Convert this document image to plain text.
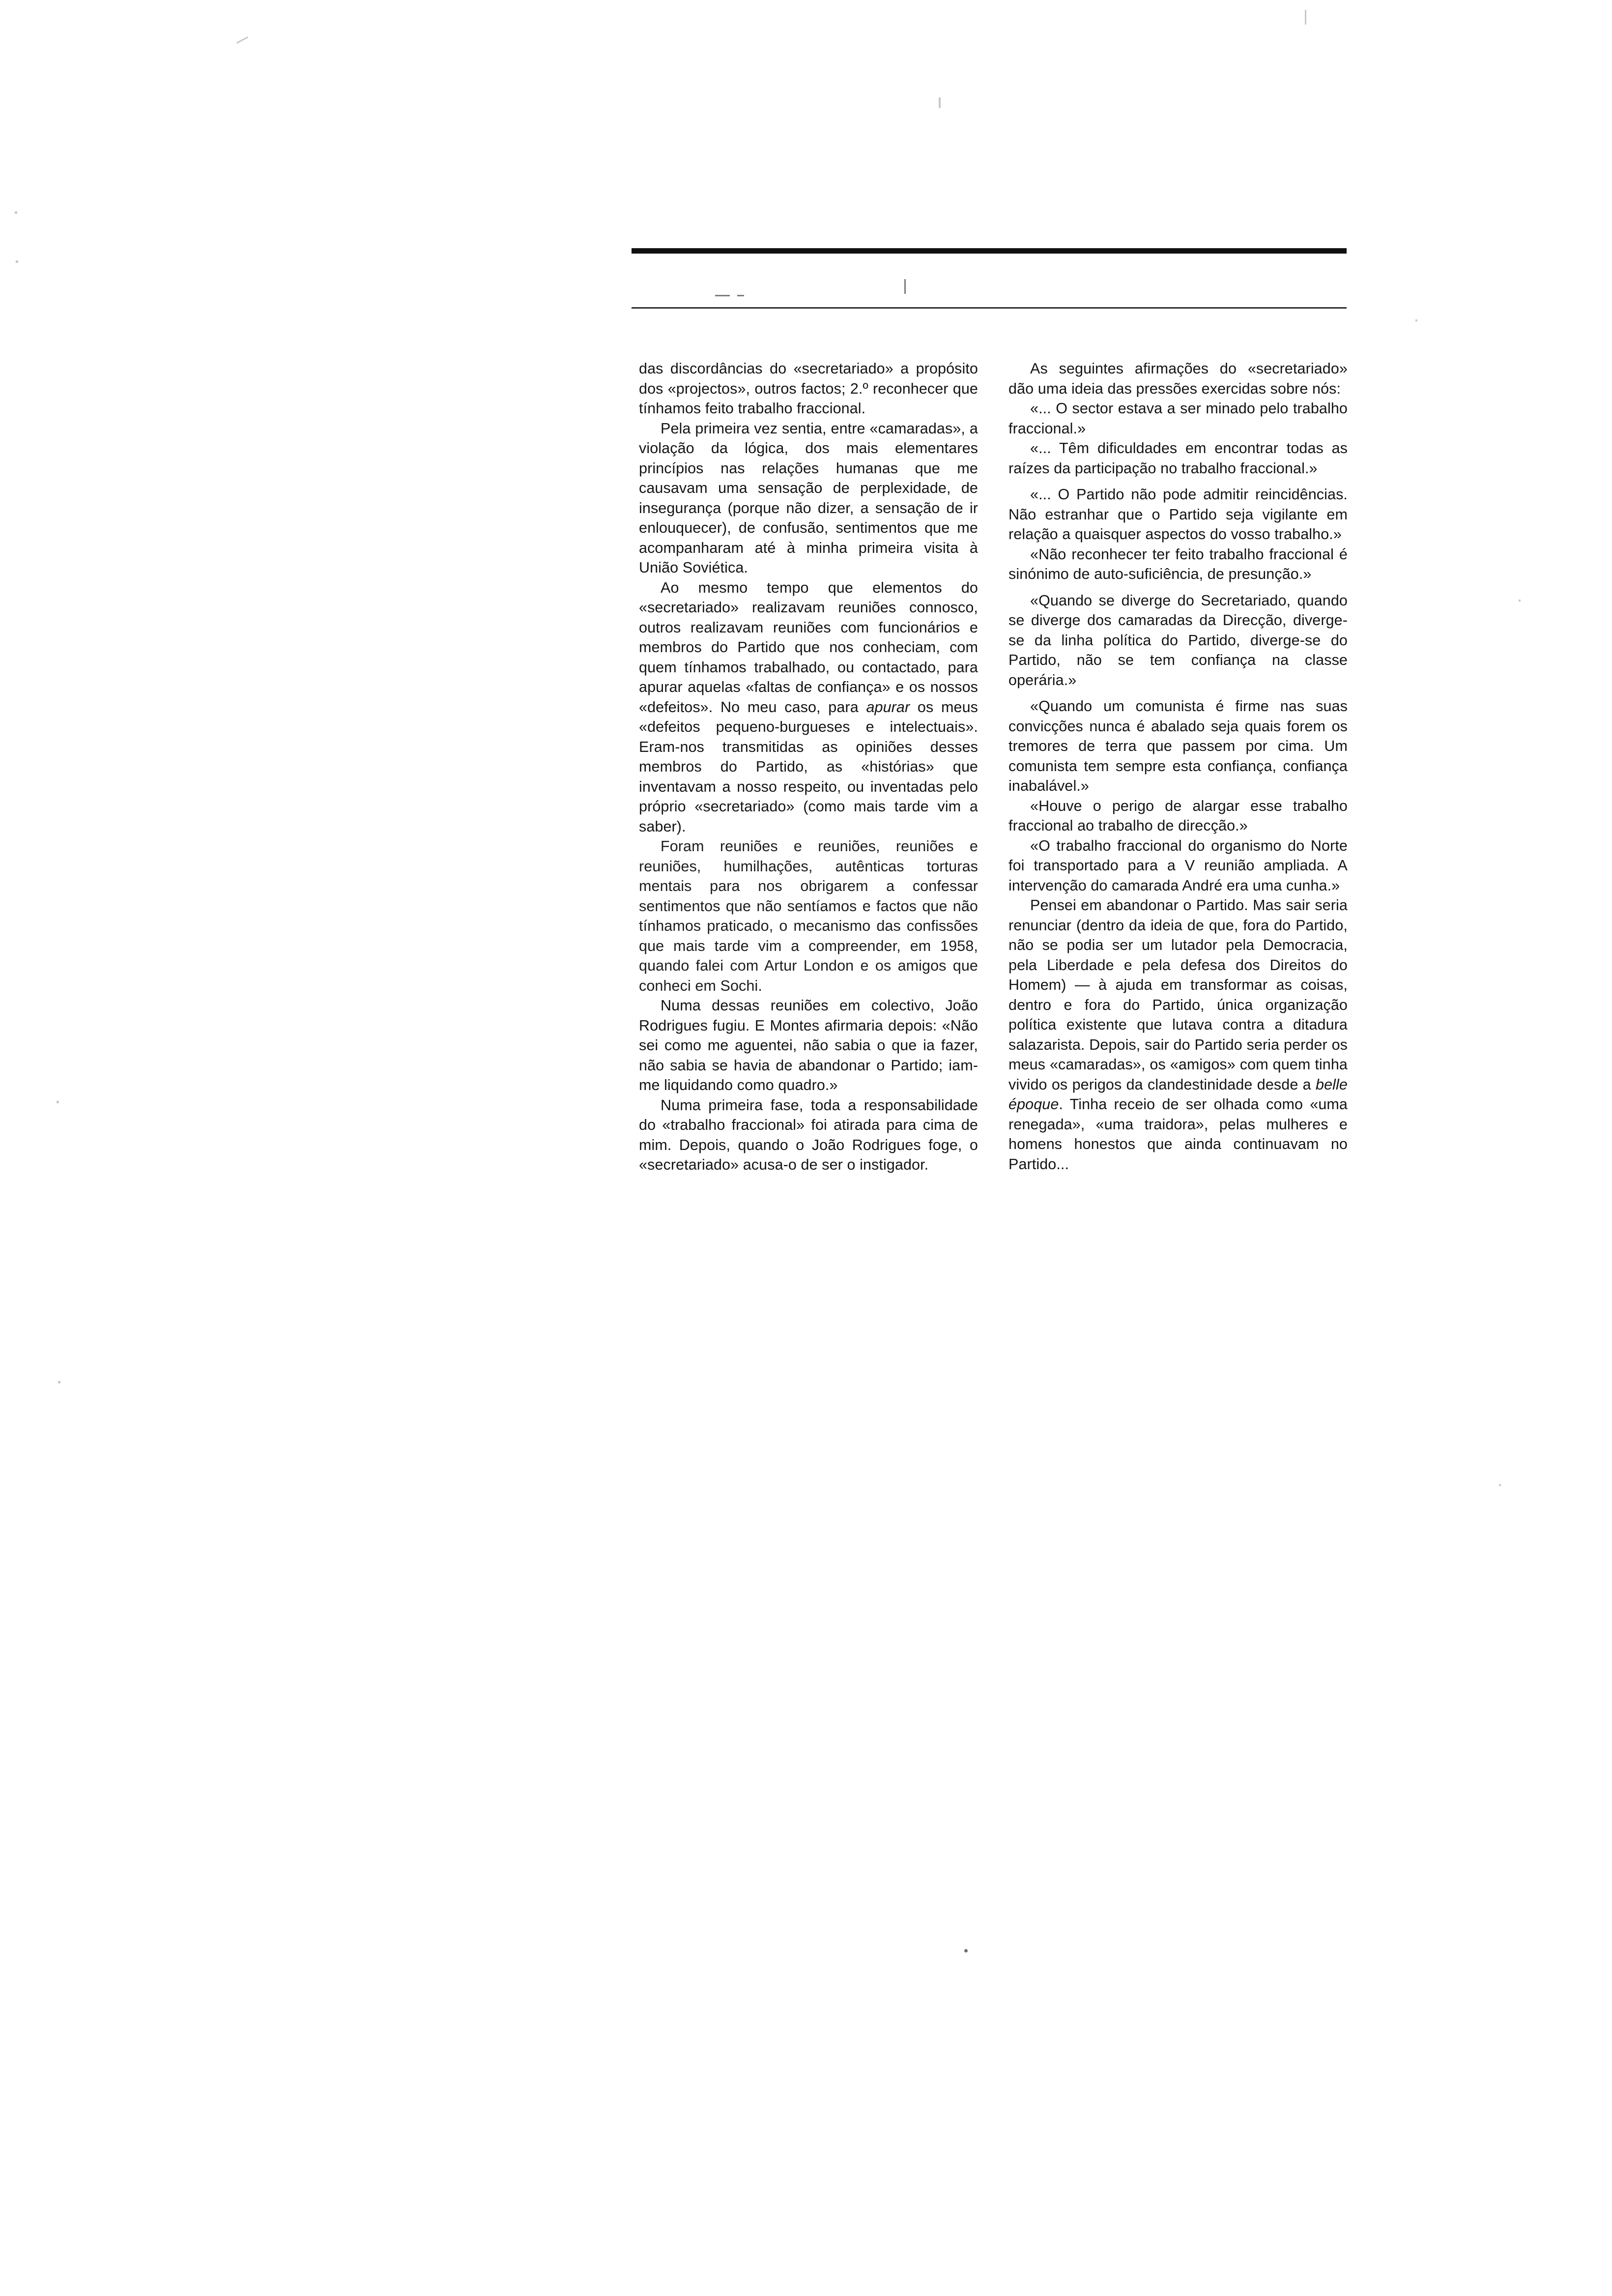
das discordâncias do «secretariado» a propósito dos «projectos», outros factos; 2.º reconhecer que tínhamos feito trabalho fraccional.

Pela primeira vez sentia, entre «camaradas», a violação da lógica, dos mais elementares princípios nas relações humanas que me causavam uma sensação de perplexidade, de insegurança (porque não dizer, a sensação de ir enlouquecer), de confusão, sentimentos que me acompanharam até à minha primeira visita à União Soviética.

Ao mesmo tempo que elementos do «secretariado» realizavam reuniões connosco, outros realizavam reuniões com funcionários e membros do Partido que nos conheciam, com quem tínhamos trabalhado, ou contactado, para apurar aquelas «faltas de confiança» e os nossos «defeitos». No meu caso, para apurar os meus «defeitos pequeno-burgueses e intelectuais». Eram-nos transmitidas as opiniões desses membros do Partido, as «histórias» que inventavam a nosso respeito, ou inventadas pelo próprio «secretariado» (como mais tarde vim a saber).

Foram reuniões e reuniões, reuniões e reuniões, humilhações, autênticas torturas mentais para nos obrigarem a confessar sentimentos que não sentíamos e factos que não tínhamos praticado, o mecanismo das confissões que mais tarde vim a compreender, em 1958, quando falei com Artur London e os amigos que conheci em Sochi.

Numa dessas reuniões em colectivo, João Rodrigues fugiu. E Montes afirmaria depois: «Não sei como me aguentei, não sabia o que ia fazer, não sabia se havia de abandonar o Partido; iam-me liquidando como quadro.»

Numa primeira fase, toda a responsabilidade do «trabalho fraccional» foi atirada para cima de mim. Depois, quando o João Rodrigues foge, o «secretariado» acusa-o de ser o instigador.

As seguintes afirmações do «secretariado» dão uma ideia das pressões exercidas sobre nós:

«... O sector estava a ser minado pelo trabalho fraccional.»

«... Têm dificuldades em encontrar todas as raízes da participação no trabalho fraccional.»

«... O Partido não pode admitir reincidências. Não estranhar que o Partido seja vigilante em relação a quaisquer aspectos do vosso trabalho.»

«Não reconhecer ter feito trabalho fraccional é sinónimo de auto-suficiência, de presunção.»

«Quando se diverge do Secretariado, quando se diverge dos camaradas da Direcção, diverge-se da linha política do Partido, diverge-se do Partido, não se tem confiança na classe operária.»

«Quando um comunista é firme nas suas convicções nunca é abalado seja quais forem os tremores de terra que passem por cima. Um comunista tem sempre esta confiança, confiança inabalável.»

«Houve o perigo de alargar esse trabalho fraccional ao trabalho de direcção.»

«O trabalho fraccional do organismo do Norte foi transportado para a V reunião ampliada. A intervenção do camarada André era uma cunha.»

Pensei em abandonar o Partido. Mas sair seria renunciar (dentro da ideia de que, fora do Partido, não se podia ser um lutador pela Democracia, pela Liberdade e pela defesa dos Direitos do Homem) — à ajuda em transformar as coisas, dentro e fora do Partido, única organização política existente que lutava contra a ditadura salazarista. Depois, sair do Partido seria perder os meus «camaradas», os «amigos» com quem tinha vivido os perigos da clandestinidade desde a belle époque. Tinha receio de ser olhada como «uma renegada», «uma traidora», pelas mulheres e homens honestos que ainda continuavam no Partido...
